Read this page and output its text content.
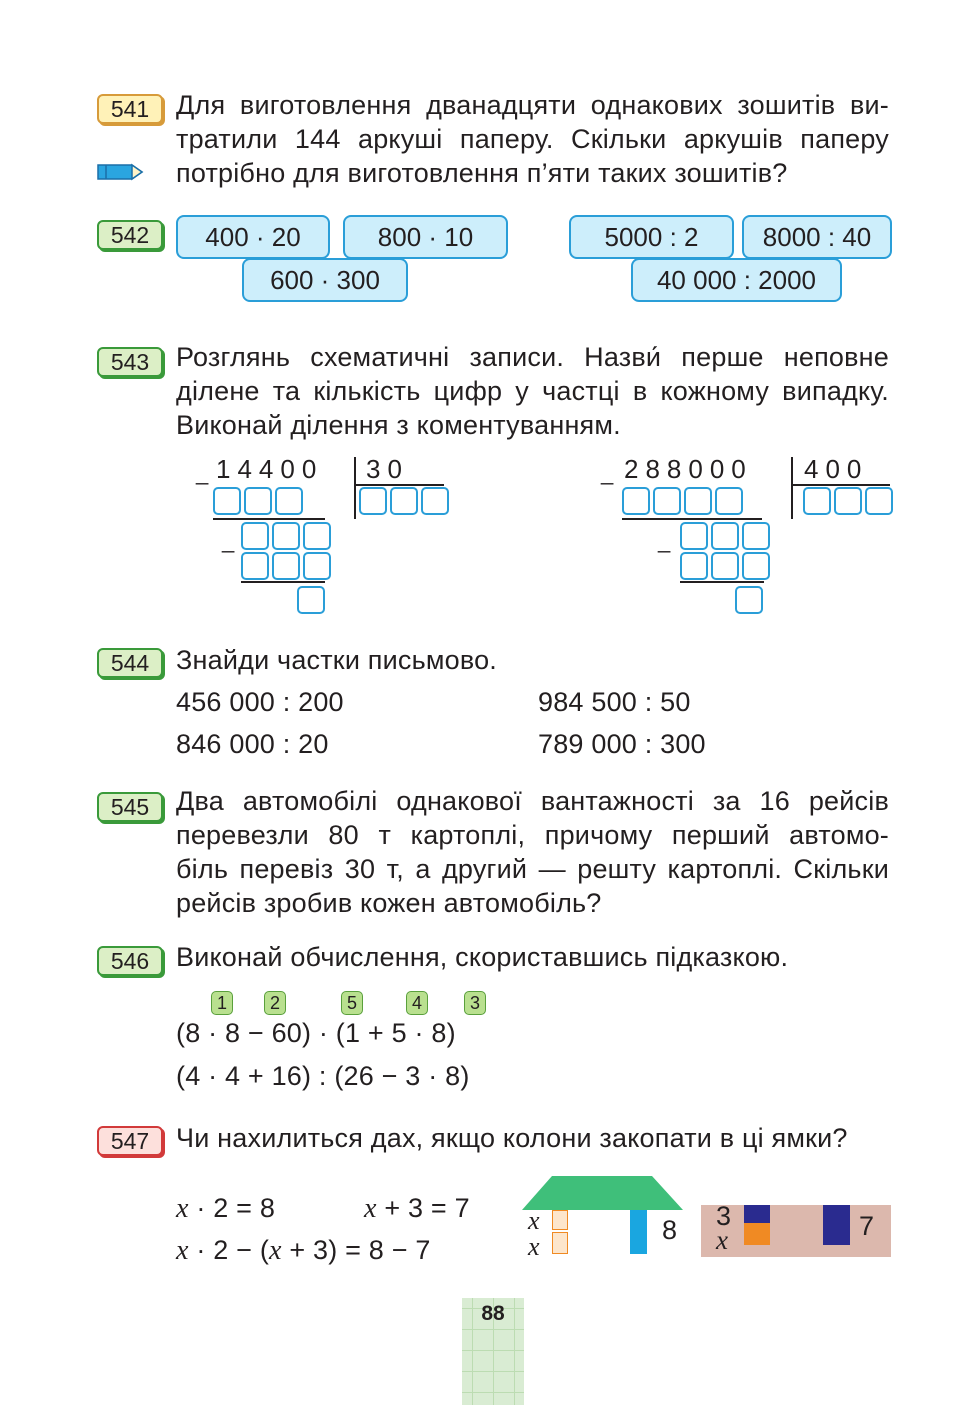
541 Для виготовлення дванадцяти однакових зошитів ви-
тратили 144 аркуші паперу. Скільки аркушів паперу
потрібно для виготовлення п’яти таких зошитів?
542	400 · 20	800 · 10
600 · 300
5000 : 2	8000 : 40
40 000 : 2000
543 Розглянь схематичні записи. Назви́ перше неповне
ділене та кількість цифр у частці в кожному випадку.
Виконай ділення з коментуванням.
_ 14400 30
_
_ 288000 400
_
544 Знайди частки письмово.
456 000 : 200	984 500 : 50
846 000 : 20	789 000 : 300
545 Два автомобілі однакової вантажності за 16 рейсів
перевезли 80 т картоплі, причому перший автомо-
біль перевіз 30 т, а другий — решту картоплі. Скільки
рейсів зробив кожен автомобіль?
546 Виконай обчислення, скориставшись підказкою.
1	2	5	4	3
(8 · 8 − 60) · (1 + 5 · 8)
(4 · 4 + 16) : (26 − 3 · 8)
547 Чи нахилиться дах, якщо колони закопати в ці ямки?
x · 2 = 8	x + 3 = 7
x · 2 − (x + 3) = 8 − 7
x
x
8 3
x	7
88
